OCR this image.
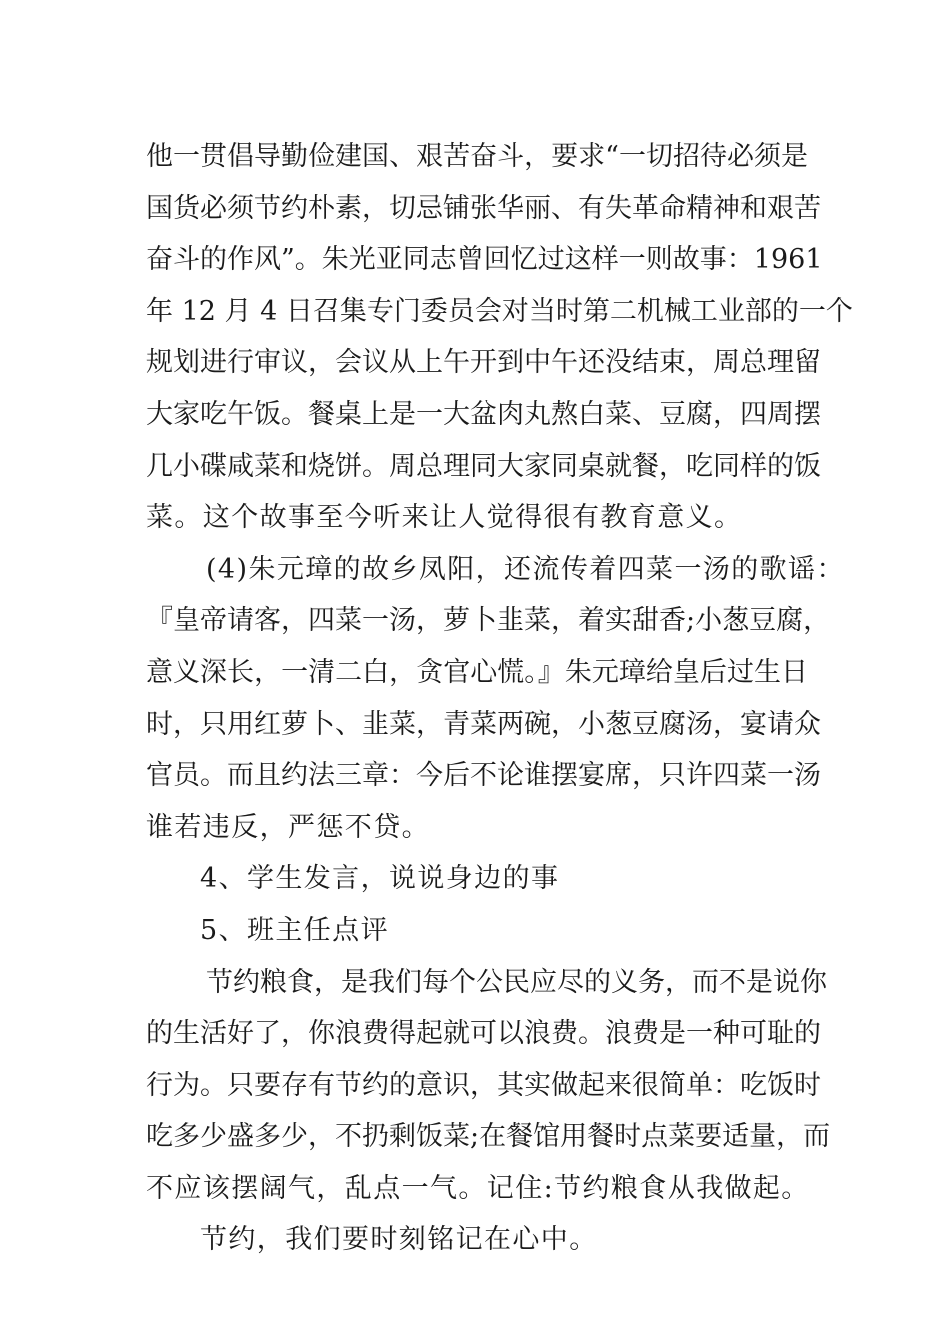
他一贯倡导勤俭建国、艰苦奋斗，要求“一切招待必须是
国货必须节约朴素，切忌铺张华丽、有失革命精神和艰苦
奋斗的作风”。朱光亚同志曾回忆过这样一则故事：1961
年 12 月 4 日召集专门委员会对当时第二机械工业部的一个
规划进行审议，会议从上午开到中午还没结束，周总理留
大家吃午饭。餐桌上是一大盆肉丸熬白菜、豆腐，四周摆
几小碟咸菜和烧饼。周总理同大家同桌就餐，吃同样的饭
菜。这个故事至今听来让人觉得很有教育意义。
(4)朱元璋的故乡凤阳，还流传着四菜一汤的歌谣：
『皇帝请客，四菜一汤，萝卜韭菜，着实甜香;小葱豆腐，
意义深长，一清二白，贪官心慌。』朱元璋给皇后过生日
时，只用红萝卜、韭菜，青菜两碗，小葱豆腐汤，宴请众
官员。而且约法三章：今后不论谁摆宴席，只许四菜一汤
谁若违反，严惩不贷。
4、学生发言，说说身边的事
5、班主任点评
节约粮食，是我们每个公民应尽的义务，而不是说你
的生活好了，你浪费得起就可以浪费。浪费是一种可耻的
行为。只要存有节约的意识，其实做起来很简单：吃饭时
吃多少盛多少，不扔剩饭菜;在餐馆用餐时点菜要适量，而
不应该摆阔气，乱点一气。记住:节约粮食从我做起。
节约，我们要时刻铭记在心中。
